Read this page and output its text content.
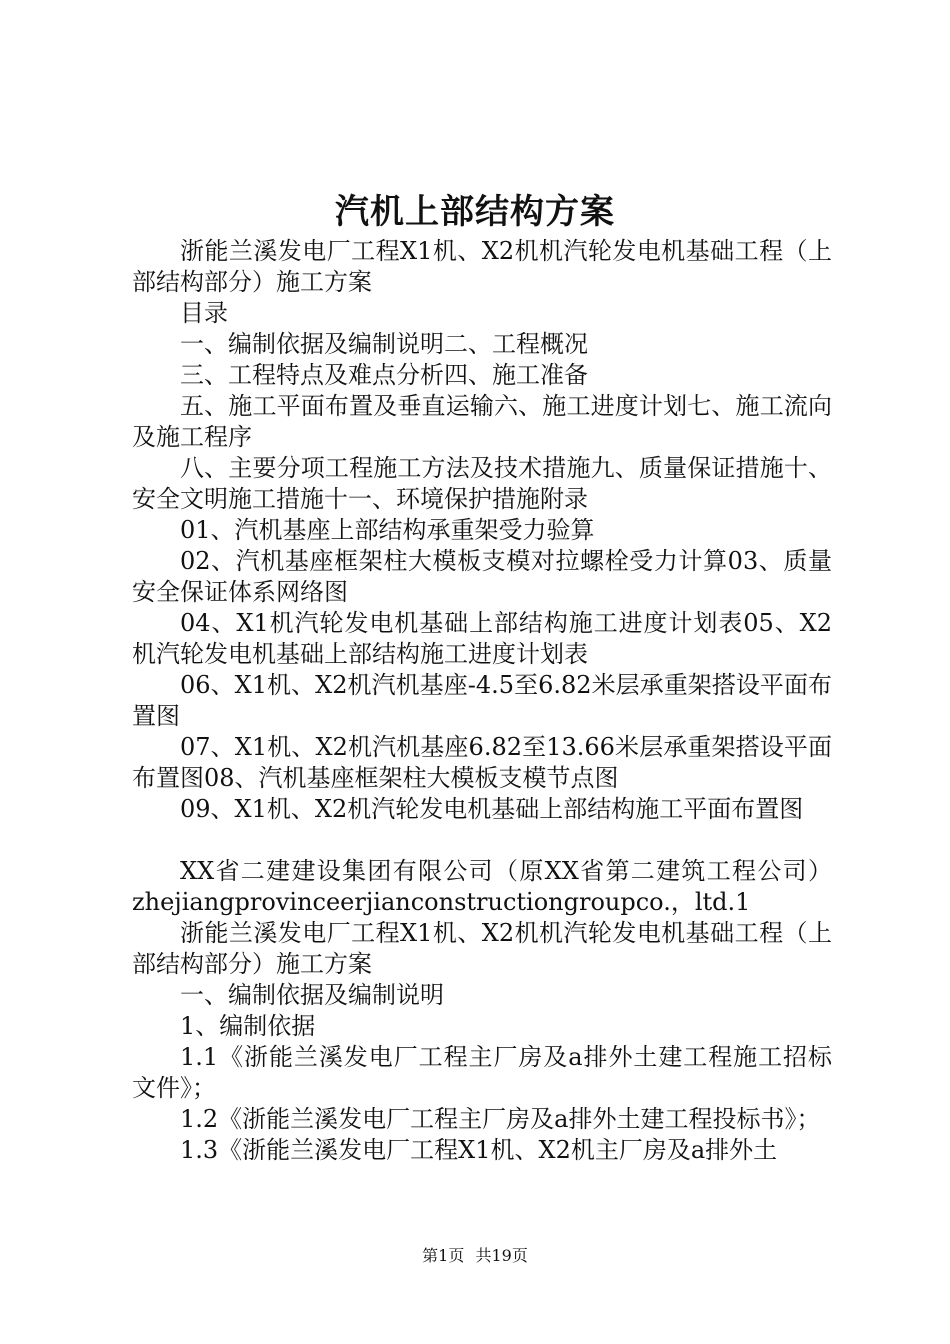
汽机上部结构方案

浙能兰溪发电厂工程X1机、X2机机汽轮发电机基础工程（上部结构部分）施工方案

目录

一、编制依据及编制说明二、工程概况

三、工程特点及难点分析四、施工准备

五、施工平面布置及垂直运输六、施工进度计划七、施工流向及施工程序

八、主要分项工程施工方法及技术措施九、质量保证措施十、安全文明施工措施十一、环境保护措施附录

01、汽机基座上部结构承重架受力验算

02、汽机基座框架柱大模板支模对拉螺栓受力计算03、质量安全保证体系网络图

04、X1机汽轮发电机基础上部结构施工进度计划表05、X2机汽轮发电机基础上部结构施工进度计划表

06、X1机、X2机汽机基座-4.5至6.82米层承重架搭设平面布置图

07、X1机、X2机汽机基座6.82至13.66米层承重架搭设平面布置图08、汽机基座框架柱大模板支模节点图

09、X1机、X2机汽轮发电机基础上部结构施工平面布置图

XX省二建建设集团有限公司（原XX省第二建筑工程公司）zhejiangprovinceerjianconstructiongroupco.，ltd.1

浙能兰溪发电厂工程X1机、X2机机汽轮发电机基础工程（上部结构部分）施工方案

一、编制依据及编制说明

1、编制依据

1.1《浙能兰溪发电厂工程主厂房及a排外土建工程施工招标文件》；

1.2《浙能兰溪发电厂工程主厂房及a排外土建工程投标书》；

1.3《浙能兰溪发电厂工程X1机、X2机主厂房及a排外土

第1页 共19页
